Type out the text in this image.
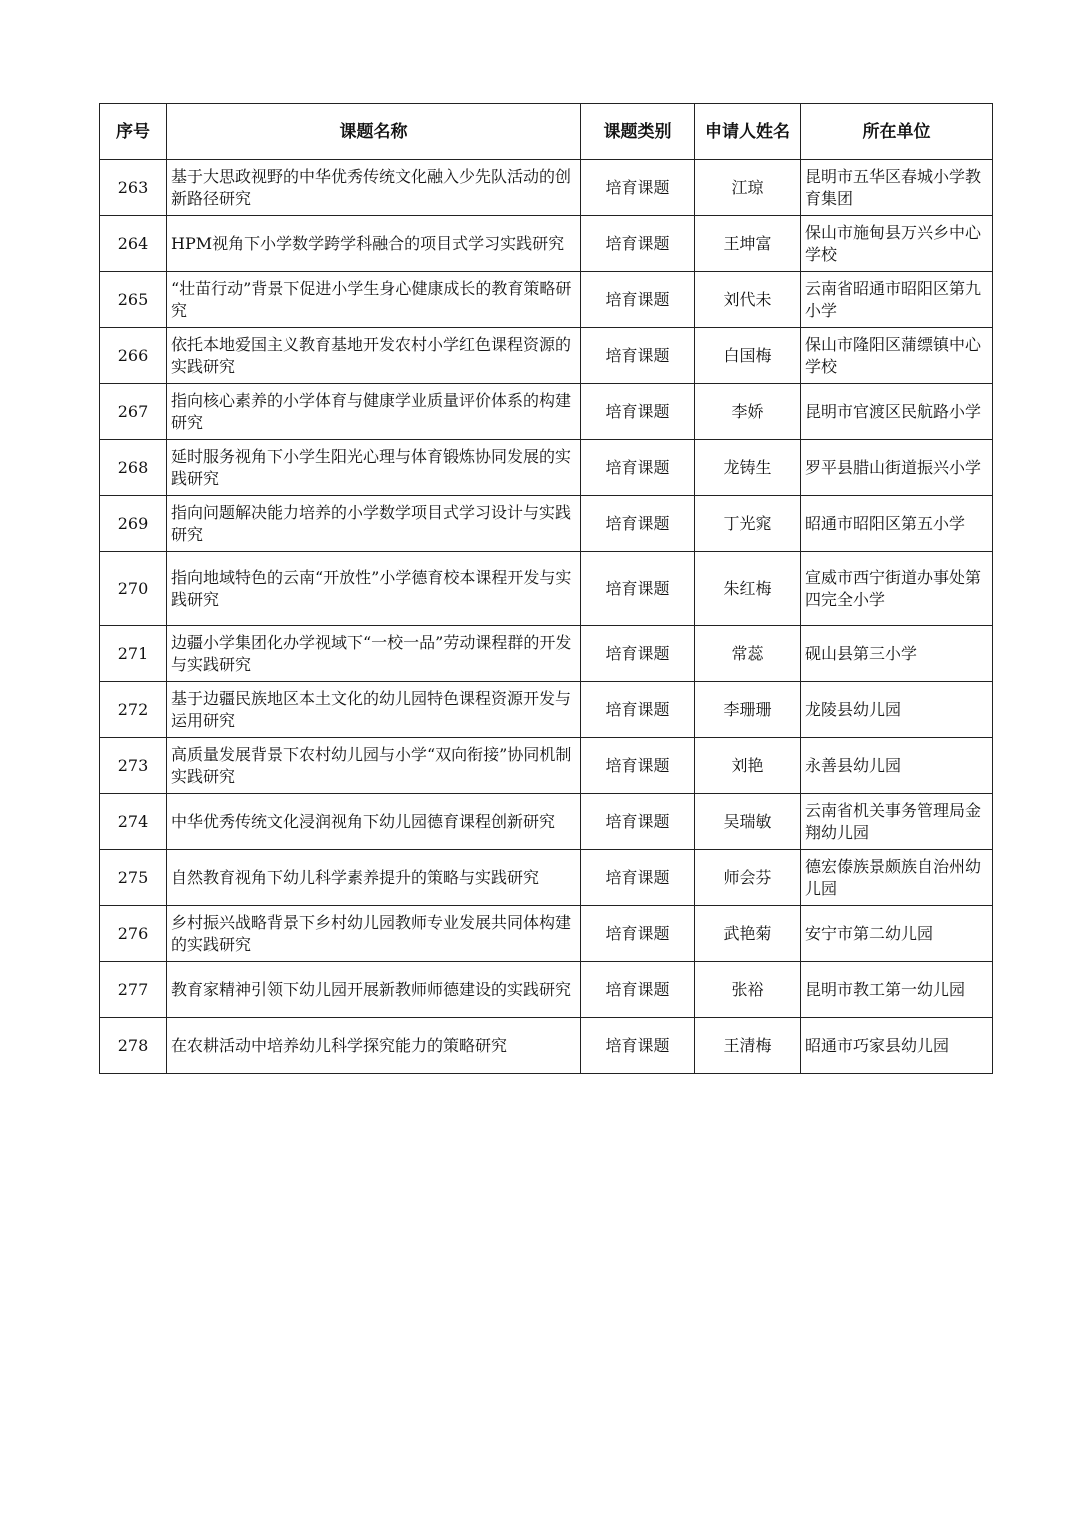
序号	课题名称	课题类别	申请人姓名	所在单位
263	基于大思政视野的中华优秀传统文化融入少先队活动的创新路径研究	培育课题	江琼	昆明市五华区春城小学教育集团
264	HPM视角下小学数学跨学科融合的项目式学习实践研究	培育课题	王坤富	保山市施甸县万兴乡中心学校
265	“壮苗行动”背景下促进小学生身心健康成长的教育策略研究	培育课题	刘代未	云南省昭通市昭阳区第九小学
266	依托本地爱国主义教育基地开发农村小学红色课程资源的实践研究	培育课题	白国梅	保山市隆阳区蒲缥镇中心学校
267	指向核心素养的小学体育与健康学业质量评价体系的构建研究	培育课题	李娇	昆明市官渡区民航路小学
268	延时服务视角下小学生阳光心理与体育锻炼协同发展的实践研究	培育课题	龙铸生	罗平县腊山街道振兴小学
269	指向问题解决能力培养的小学数学项目式学习设计与实践研究	培育课题	丁光窕	昭通市昭阳区第五小学
270	指向地域特色的云南“开放性”小学德育校本课程开发与实践研究	培育课题	朱红梅	宣威市西宁街道办事处第四完全小学
271	边疆小学集团化办学视域下“一校一品”劳动课程群的开发与实践研究	培育课题	常蕊	砚山县第三小学
272	基于边疆民族地区本土文化的幼儿园特色课程资源开发与运用研究	培育课题	李珊珊	龙陵县幼儿园
273	高质量发展背景下农村幼儿园与小学“双向衔接”协同机制实践研究	培育课题	刘艳	永善县幼儿园
274	中华优秀传统文化浸润视角下幼儿园德育课程创新研究	培育课题	吴瑞敏	云南省机关事务管理局金翔幼儿园
275	自然教育视角下幼儿科学素养提升的策略与实践研究	培育课题	师会芬	德宏傣族景颇族自治州幼儿园
276	乡村振兴战略背景下乡村幼儿园教师专业发展共同体构建的实践研究	培育课题	武艳菊	安宁市第二幼儿园
277	教育家精神引领下幼儿园开展新教师师德建设的实践研究	培育课题	张裕	昆明市教工第一幼儿园
278	在农耕活动中培养幼儿科学探究能力的策略研究	培育课题	王清梅	昭通市巧家县幼儿园
